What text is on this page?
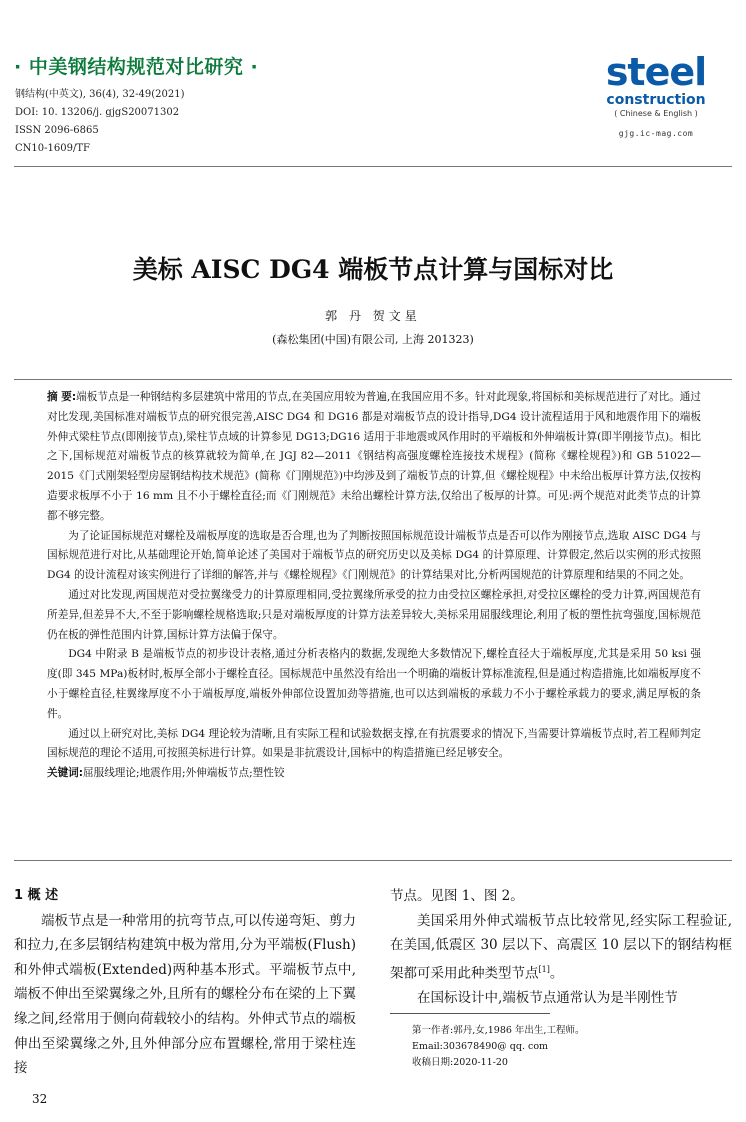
· 中美钢结构规范对比研究 ·
钢结构(中英文), 36(4), 32-49(2021)
DOI: 10. 13206/j. gjgS20071302
ISSN 2096-6865
CN10-1609/TF
steel
construction
( Chinese & English )
gjg.ic-mag.com
美标 AISC DG4 端板节点计算与国标对比
郭 丹 贺文星
(森松集团(中国)有限公司, 上海 201323)

摘 要:端板节点是一种钢结构多层建筑中常用的节点,在美国应用较为普遍,在我国应用不多。针对此现象,将国标和美标规范进行了对比。通过对比发现,美国标准对端板节点的研究很完善,AISC DG4 和 DG16 都是对端板节点的设计指导,DG4 设计流程适用于风和地震作用下的端板外伸式梁柱节点(即刚接节点),梁柱节点域的计算参见 DG13;DG16 适用于非地震或风作用时的平端板和外伸端板计算(即半刚接节点)。相比之下,国标规范对端板节点的核算就较为简单,在 JGJ 82—2011《钢结构高强度螺栓连接技术规程》(简称《螺栓规程》)和 GB 51022—2015《门式刚架轻型房屋钢结构技术规范》(简称《门刚规范》)中均涉及到了端板节点的计算,但《螺栓规程》中未给出板厚计算方法,仅按构造要求板厚不小于 16 mm 且不小于螺栓直径;而《门刚规范》未给出螺栓计算方法,仅给出了板厚的计算。可见:两个规范对此类节点的计算都不够完整。

为了论证国标规范对螺栓及端板厚度的选取是否合理,也为了判断按照国标规范设计端板节点是否可以作为刚接节点,选取 AISC DG4 与国标规范进行对比,从基础理论开始,简单论述了美国对于端板节点的研究历史以及美标 DG4 的计算原理、计算假定,然后以实例的形式按照 DG4 的设计流程对该实例进行了详细的解答,并与《螺栓规程》《门刚规范》的计算结果对比,分析两国规范的计算原理和结果的不同之处。

通过对比发现,两国规范对受拉翼缘受力的计算原理相同,受拉翼缘所承受的拉力由受拉区螺栓承担,对受拉区螺栓的受力计算,两国规范有所差异,但差异不大,不至于影响螺栓规格选取;只是对端板厚度的计算方法差异较大,美标采用屈服线理论,利用了板的塑性抗弯强度,国标规范仍在板的弹性范围内计算,国标计算方法偏于保守。

DG4 中附录 B 是端板节点的初步设计表格,通过分析表格内的数据,发现绝大多数情况下,螺栓直径大于端板厚度,尤其是采用 50 ksi 强度(即 345 MPa)板材时,板厚全部小于螺栓直径。国标规范中虽然没有给出一个明确的端板计算标准流程,但是通过构造措施,比如端板厚度不小于螺栓直径,柱翼缘厚度不小于端板厚度,端板外伸部位设置加劲等措施,也可以达到端板的承载力不小于螺栓承载力的要求,满足厚板的条件。

通过以上研究对比,美标 DG4 理论较为清晰,且有实际工程和试验数据支撑,在有抗震要求的情况下,当需要计算端板节点时,若工程师判定国标规范的理论不适用,可按照美标进行计算。如果是非抗震设计,国标中的构造措施已经足够安全。

关键词:屈服线理论;地震作用;外伸端板节点;塑性铰

1 概 述

端板节点是一种常用的抗弯节点,可以传递弯矩、剪力和拉力,在多层钢结构建筑中极为常用,分为平端板(Flush)和外伸式端板(Extended)两种基本形式。平端板节点中,端板不伸出至梁翼缘之外,且所有的螺栓分布在梁的上下翼缘之间,经常用于侧向荷载较小的结构。外伸式节点的端板伸出至梁翼缘之外,且外伸部分应布置螺栓,常用于梁柱连接

节点。见图 1、图 2。

美国采用外伸式端板节点比较常见,经实际工程验证,在美国,低震区 30 层以下、高震区 10 层以下的钢结构框架都可采用此种类型节点[1]。

在国标设计中,端板节点通常认为是半刚性节

第一作者:郭丹,女,1986 年出生,工程师。
Email:303678490@ qq. com
收稿日期:2020-11-20
32
